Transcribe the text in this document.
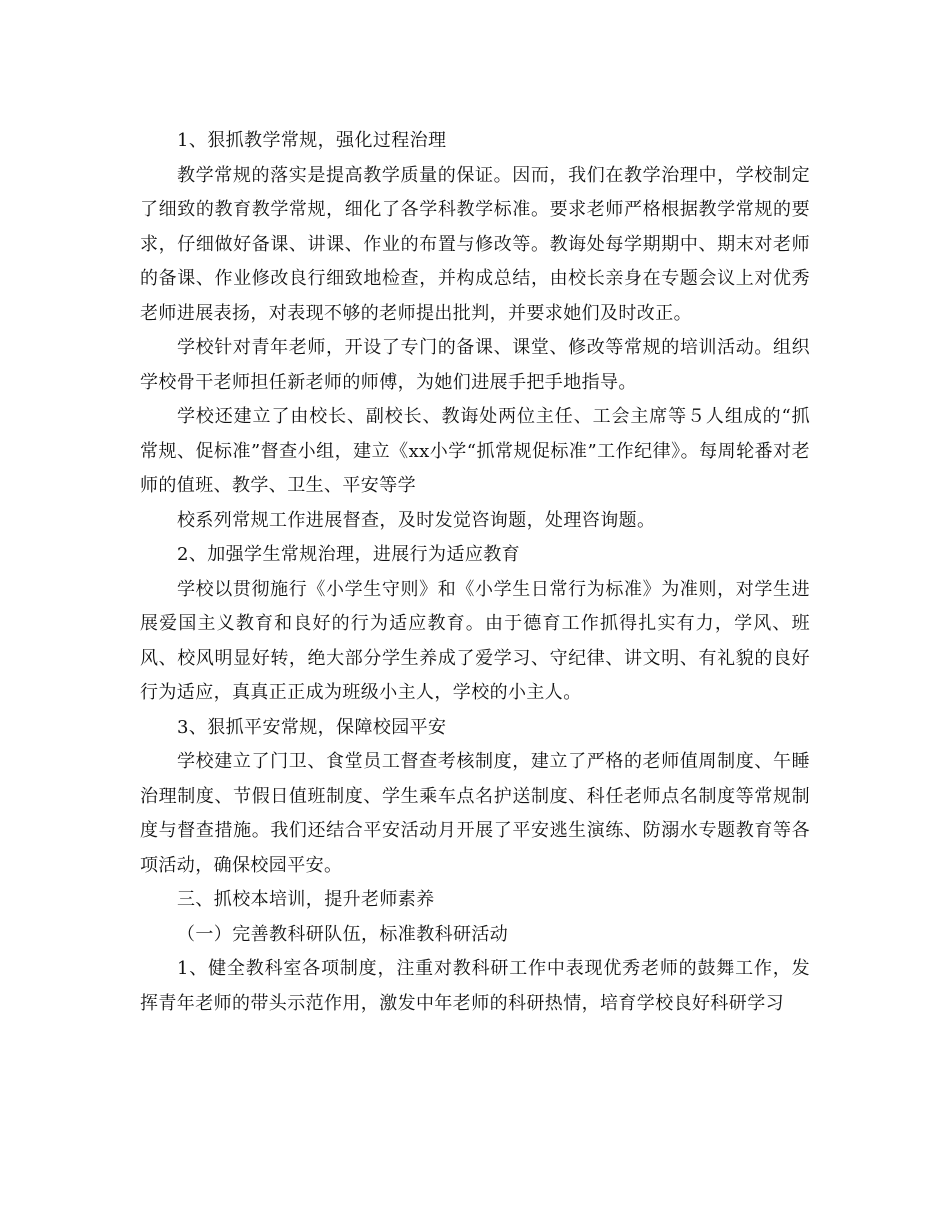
1、狠抓教学常规，强化过程治理

教学常规的落实是提高教学质量的保证。因而，我们在教学治理中，学校制定了细致的教育教学常规，细化了各学科教学标准。要求老师严格根据教学常规的要求，仔细做好备课、讲课、作业的布置与修改等。教诲处每学期期中、期末对老师的备课、作业修改良行细致地检查，并构成总结，由校长亲身在专题会议上对优秀老师进展表扬，对表现不够的老师提出批判，并要求她们及时改正。

学校针对青年老师，开设了专门的备课、课堂、修改等常规的培训活动。组织学校骨干老师担任新老师的师傅，为她们进展手把手地指导。

学校还建立了由校长、副校长、教诲处两位主任、工会主席等５人组成的“抓常规、促标准”督查小组，建立《xx小学“抓常规促标准”工作纪律》。每周轮番对老师的值班、教学、卫生、平安等学

校系列常规工作进展督查，及时发觉咨询题，处理咨询题。

2、加强学生常规治理，进展行为适应教育

学校以贯彻施行《小学生守则》和《小学生日常行为标准》为准则，对学生进展爱国主义教育和良好的行为适应教育。由于德育工作抓得扎实有力，学风、班风、校风明显好转，绝大部分学生养成了爱学习、守纪律、讲文明、有礼貌的良好行为适应，真真正正成为班级小主人，学校的小主人。

3、狠抓平安常规，保障校园平安

学校建立了门卫、食堂员工督查考核制度，建立了严格的老师值周制度、午睡治理制度、节假日值班制度、学生乘车点名护送制度、科任老师点名制度等常规制度与督查措施。我们还结合平安活动月开展了平安逃生演练、防溺水专题教育等各项活动，确保校园平安。

三、抓校本培训，提升老师素养

（一）完善教科研队伍，标准教科研活动

1、健全教科室各项制度，注重对教科研工作中表现优秀老师的鼓舞工作，发挥青年老师的带头示范作用，激发中年老师的科研热情，培育学校良好科研学习
